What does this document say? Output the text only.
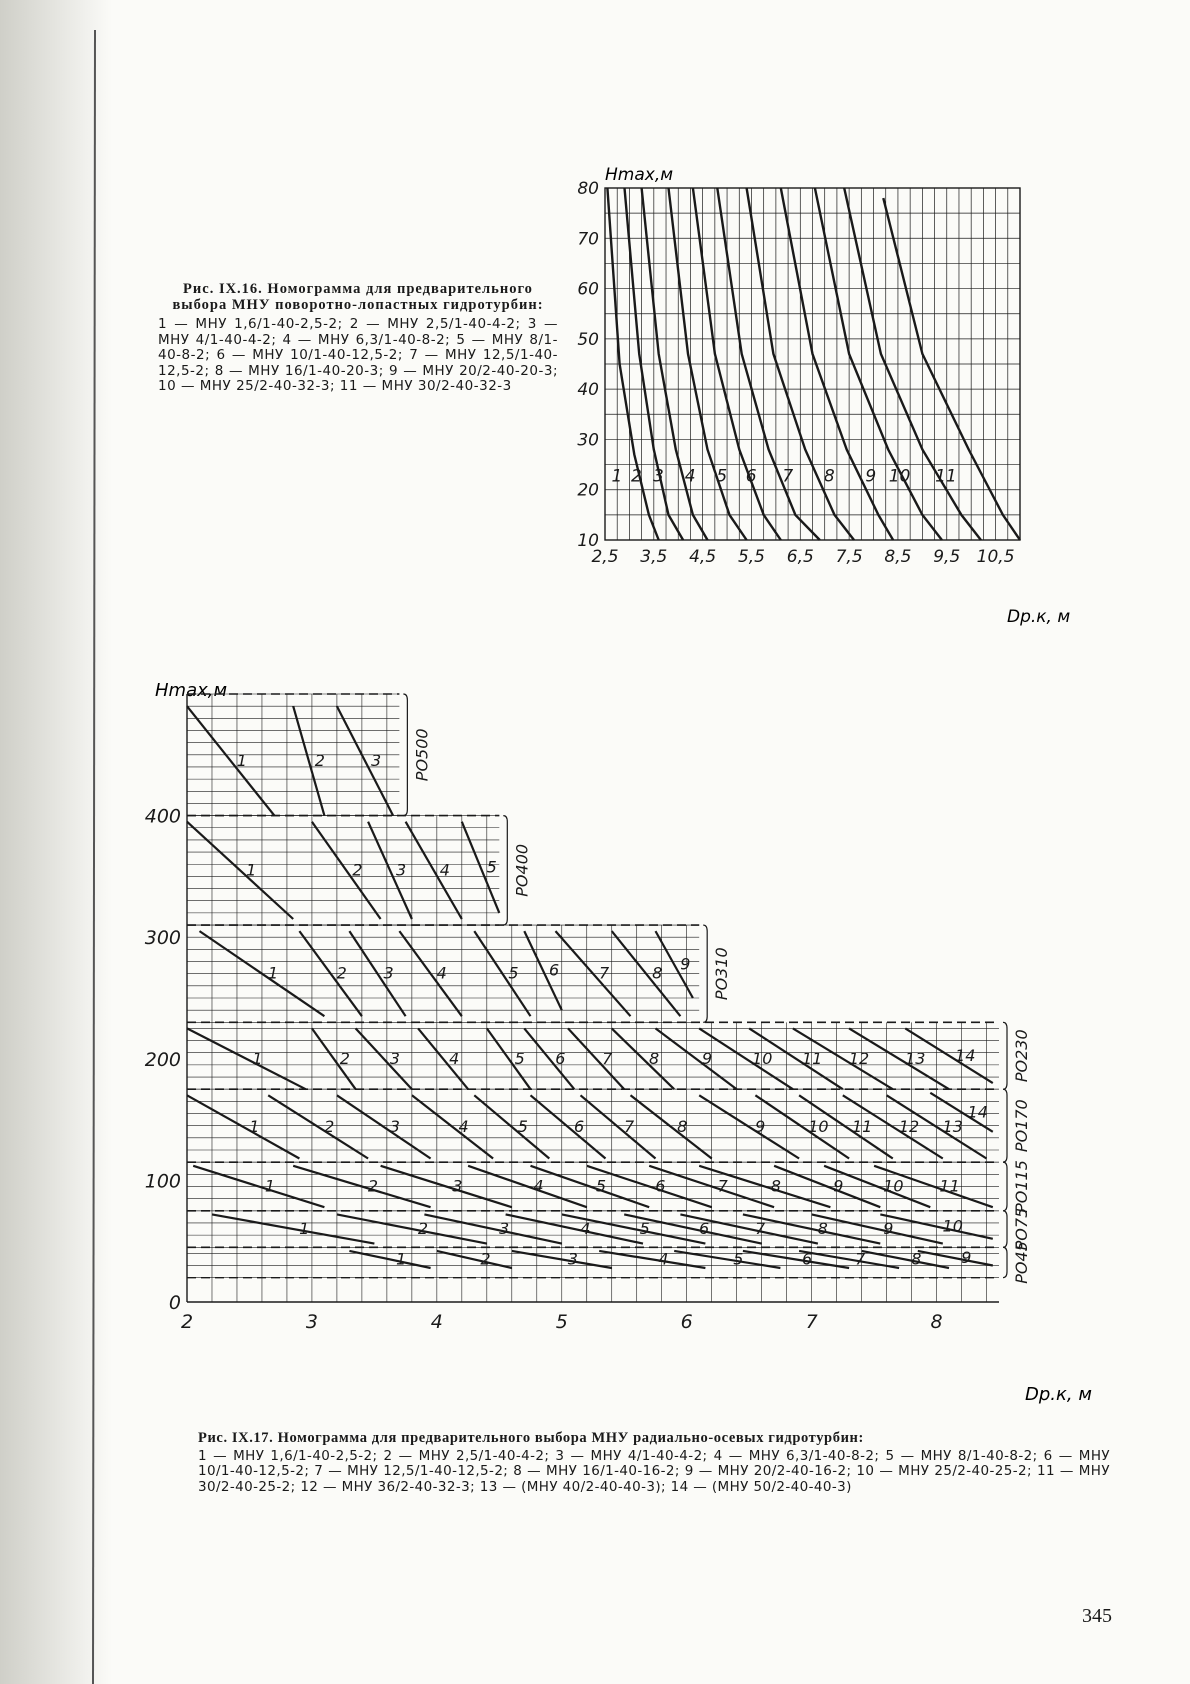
Рис. IX.16. Номограмма для предварительного выбора МНУ поворотно-лопастных гидротурбин:
1 — МНУ 1,6/1-40-2,5-2; 2 — МНУ 2,5/1-40-4-2; 3 — МНУ 4/1-40-4-2; 4 — МНУ 6,3/1-40-8-2; 5 — МНУ 8/1-40-8-2; 6 — МНУ 10/1-40-12,5-2; 7 — МНУ 12,5/1-40-12,5-2; 8 — МНУ 16/1-40-20-3; 9 — МНУ 20/2-40-20-3; 10 — МНУ 25/2-40-32-3; 11 — МНУ 30/2-40-32-3
Hmax,м
Dр.к, м
2,5 3,5 4,5 5,5 6,5 7,5 8,5 9,5 10,5
10
20
30
40
50
60
70
80
1 2 3 4 5 6 7 8 9 10 11
Hmax,м
Dр.к, м
РО500
РО400
РО310
РО230
РО170
РО115
РО75
РО45
2	3	4	5	6	7	8
0
100
200
300
400
1	2	3
1	2 3 4 5
1	2 3	4	5 6 7	8 9
1	2 3	4	5 6 7 8	9 10 11 12 13 14
1	2	3	4	5	6 7	8	9	10 11 12 13
14
1	2	3	4	5	6	7	8	9 10 11
1	2	3	4	5	6	7	8	9	10
1	2	3	4	5	6	7	8 9
Рис. IX.17. Номограмма для предварительного выбора МНУ радиально-осевых гидротурбин:
1 — МНУ 1,6/1-40-2,5-2; 2 — МНУ 2,5/1-40-4-2; 3 — МНУ 4/1-40-4-2; 4 — МНУ 6,3/1-40-8-2; 5 — МНУ 8/1-40-8-2; 6 — МНУ 10/1-40-12,5-2; 7 — МНУ 12,5/1-40-12,5-2; 8 — МНУ 16/1-40-16-2; 9 — МНУ 20/2-40-16-2; 10 — МНУ 25/2-40-25-2; 11 — МНУ 30/2-40-25-2; 12 — МНУ 36/2-40-32-3; 13 — (МНУ 40/2-40-40-3); 14 — (МНУ 50/2-40-40-3)
345
